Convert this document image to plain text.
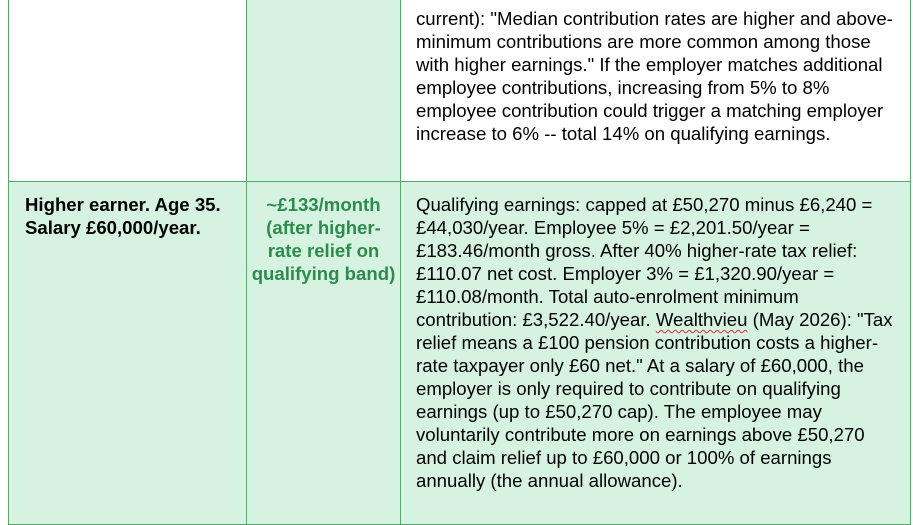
		current): "Median contribution rates are higher and above-minimum contributions are more common among those with higher earnings." If the employer matches additional employee contributions, increasing from 5% to 8% employee contribution could trigger a matching employer increase to 6% -- total 14% on qualifying earnings.

Higher earner. Age 35. Salary £60,000/year.	~£133/month (after higher-rate relief on qualifying band)	Qualifying earnings: capped at £50,270 minus £6,240 = £44,030/year. Employee 5% = £2,201.50/year = £183.46/month gross. After 40% higher-rate tax relief: £110.07 net cost. Employer 3% = £1,320.90/year = £110.08/month. Total auto-enrolment minimum contribution: £3,522.40/year. Wealthvieu (May 2026): "Tax relief means a £100 pension contribution costs a higher-rate taxpayer only £60 net." At a salary of £60,000, the employer is only required to contribute on qualifying earnings (up to £50,270 cap). The employee may voluntarily contribute more on earnings above £50,270 and claim relief up to £60,000 or 100% of earnings annually (the annual allowance).
